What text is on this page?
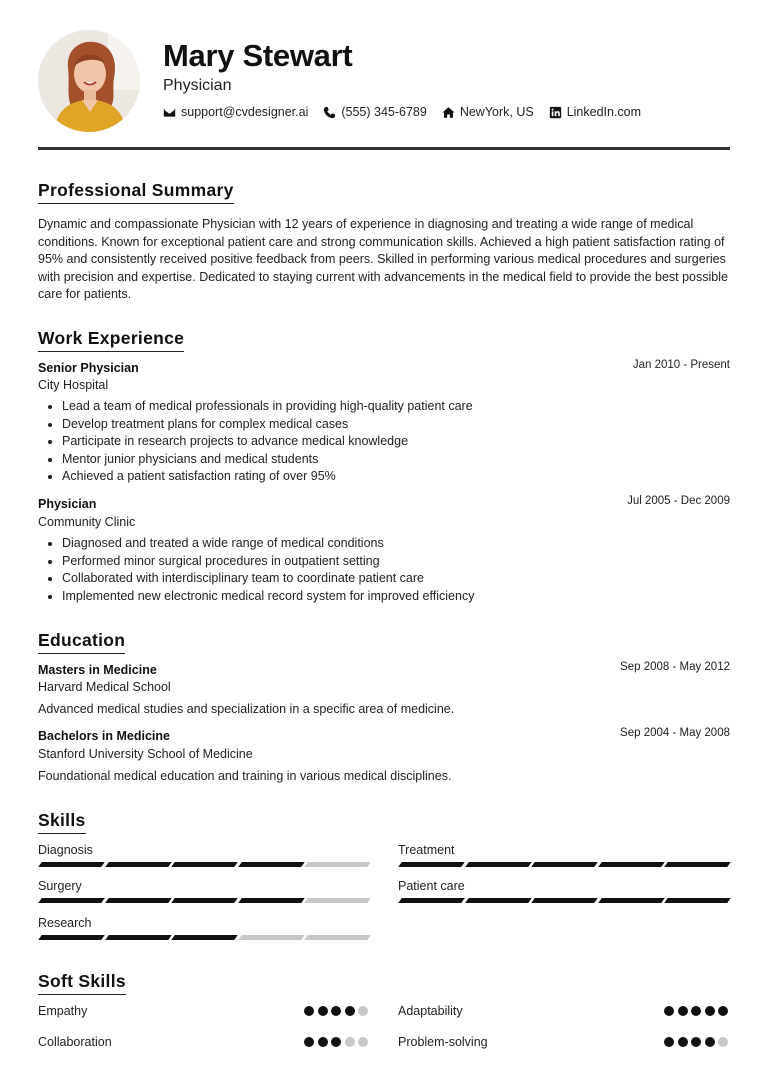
Mary Stewart
Physician
support@cvdesigner.ai	(555) 345-6789	NewYork, US	LinkedIn.com
Professional Summary
Dynamic and compassionate Physician with 12 years of experience in diagnosing and treating a wide range of medical conditions. Known for exceptional patient care and strong communication skills. Achieved a high patient satisfaction rating of 95% and consistently received positive feedback from peers. Skilled in performing various medical procedures and surgeries with precision and expertise. Dedicated to staying current with advancements in the medical field to provide the best possible care for patients.
Work Experience
Senior Physician	Jan 2010 - Present
City Hospital
• Lead a team of medical professionals in providing high-quality patient care
• Develop treatment plans for complex medical cases
• Participate in research projects to advance medical knowledge
• Mentor junior physicians and medical students
• Achieved a patient satisfaction rating of over 95%
Physician	Jul 2005 - Dec 2009
Community Clinic
• Diagnosed and treated a wide range of medical conditions
• Performed minor surgical procedures in outpatient setting
• Collaborated with interdisciplinary team to coordinate patient care
• Implemented new electronic medical record system for improved efficiency
Education
Masters in Medicine	Sep 2008 - May 2012
Harvard Medical School
Advanced medical studies and specialization in a specific area of medicine.
Bachelors in Medicine	Sep 2004 - May 2008
Stanford University School of Medicine
Foundational medical education and training in various medical disciplines.
Skills
Diagnosis	Treatment
Surgery	Patient care
Research
Soft Skills
Empathy	Adaptability
Collaboration	Problem-solving
